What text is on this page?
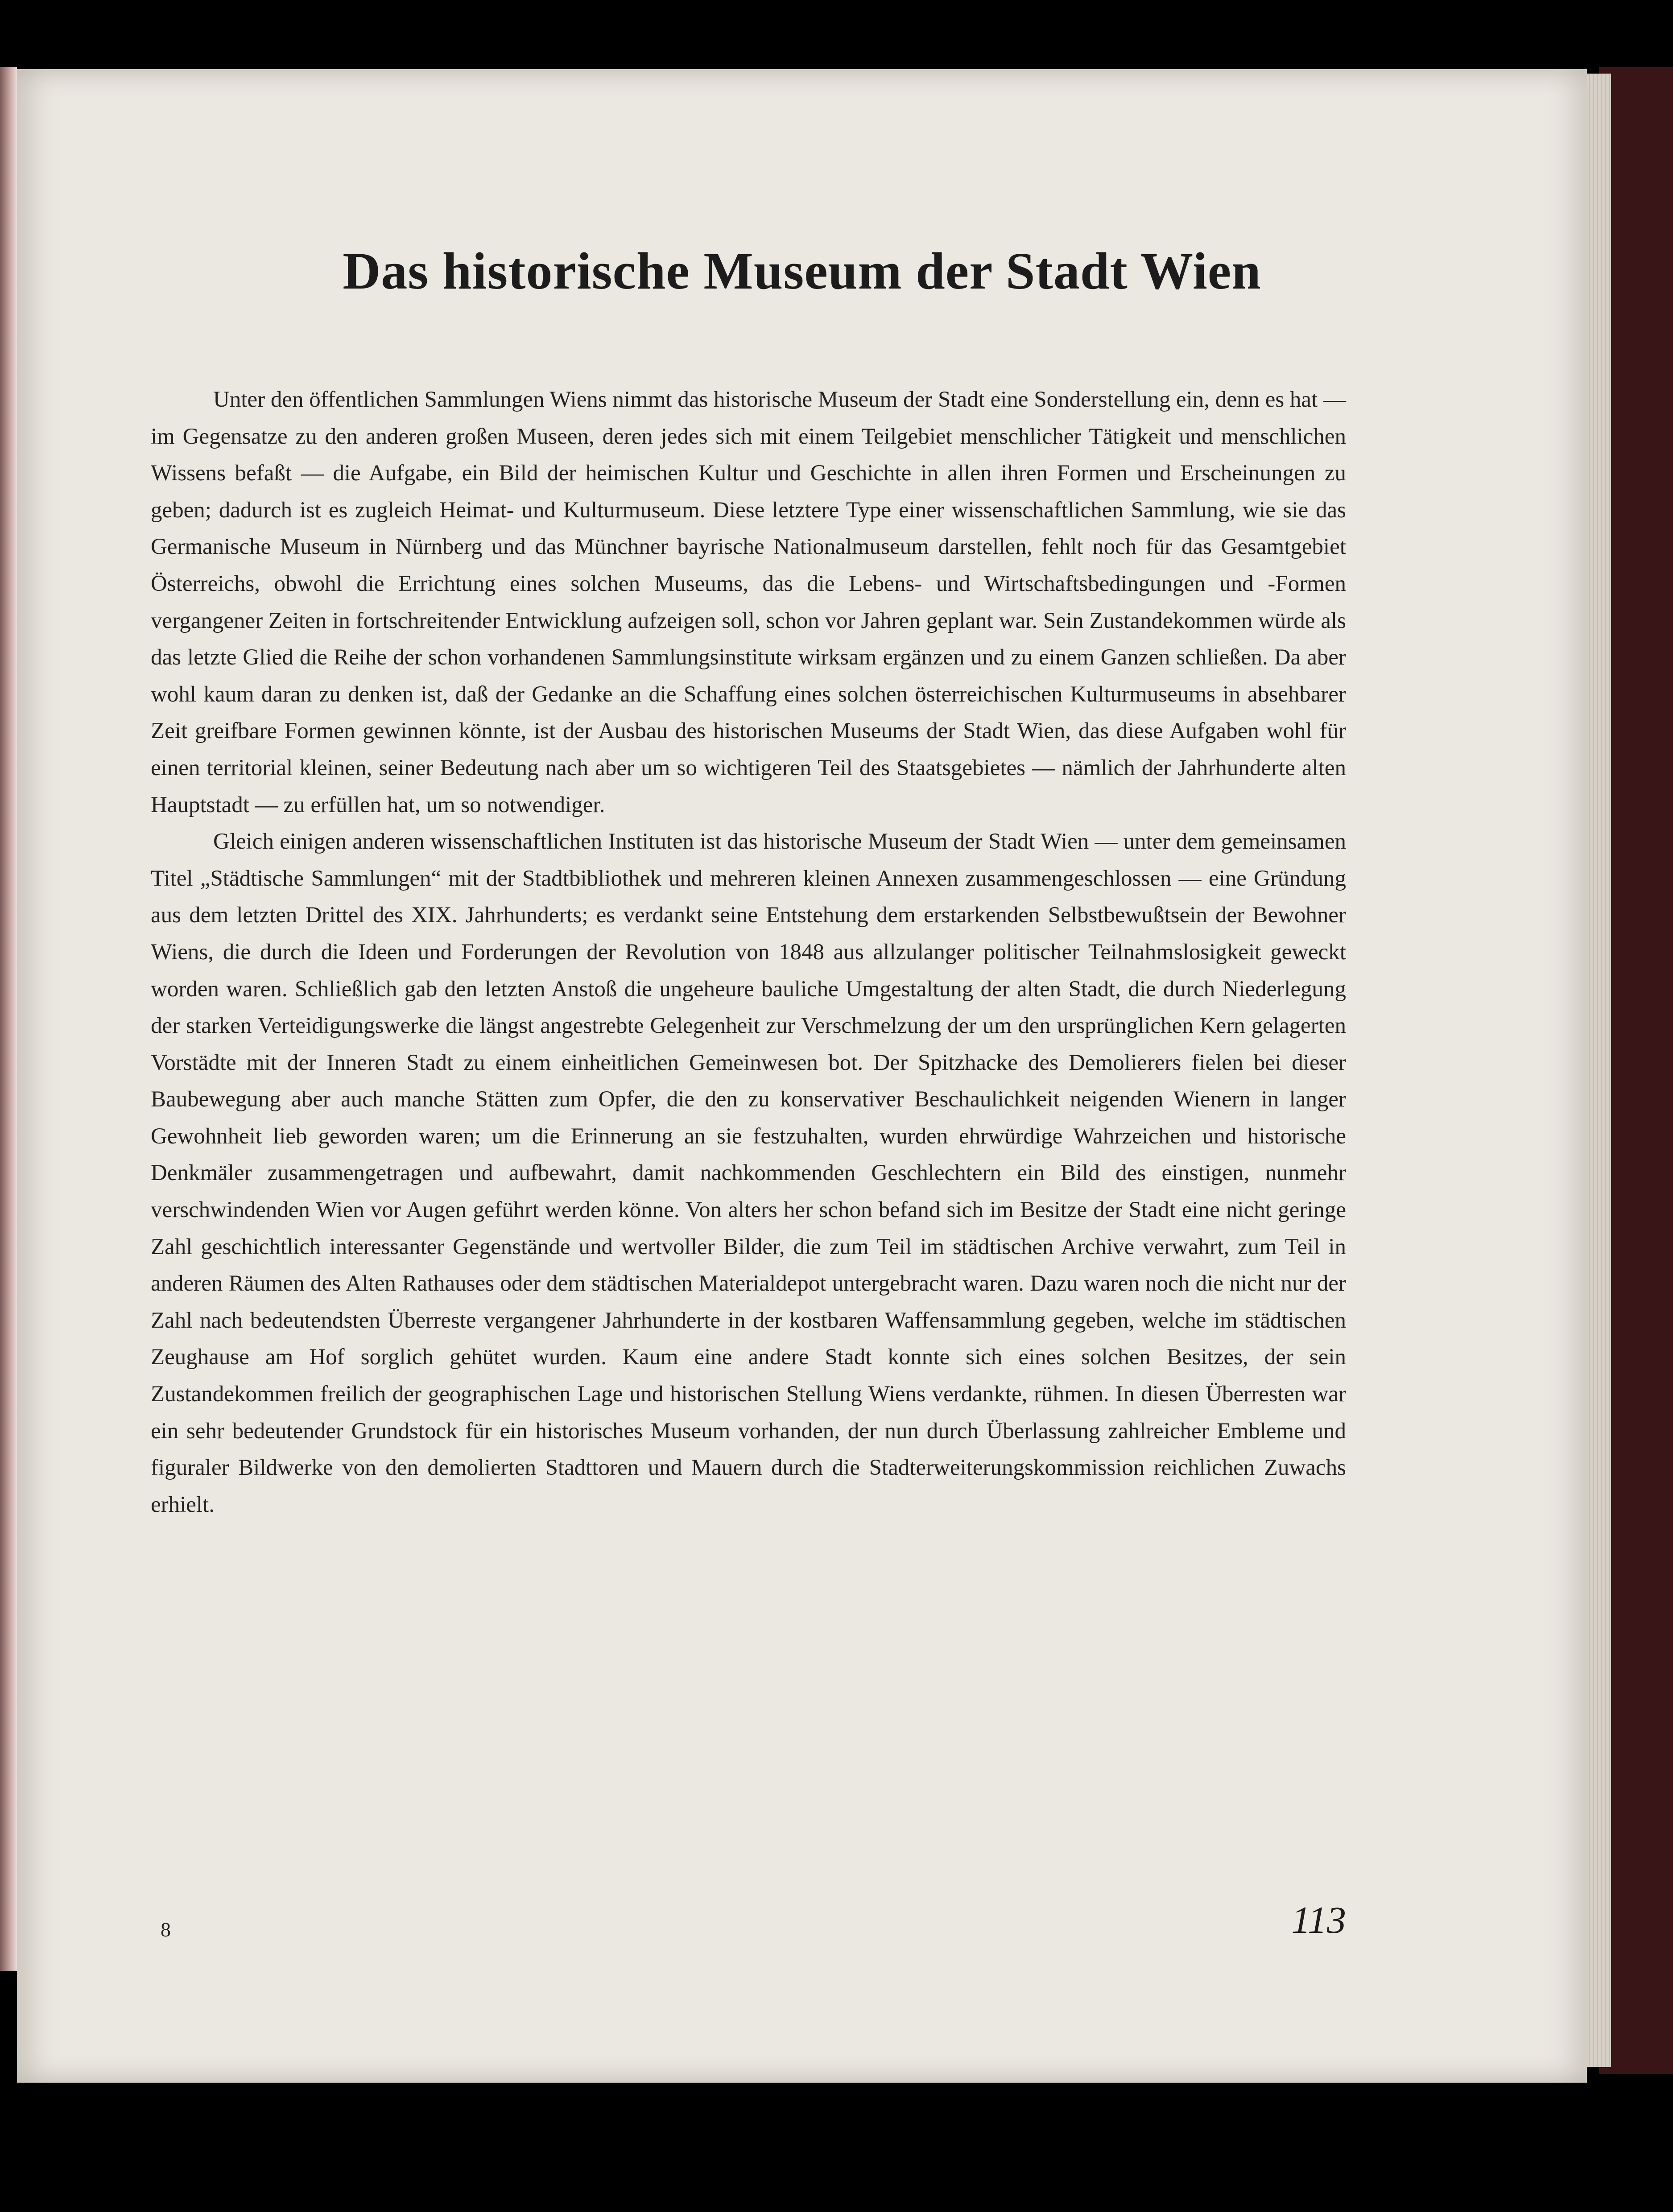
Das historische Museum der Stadt Wien

Unter den öffentlichen Sammlungen Wiens nimmt das historische Museum der Stadt eine Sonderstellung ein, denn es hat — im Gegensatze zu den anderen großen Museen, deren jedes sich mit einem Teilgebiet menschlicher Tätigkeit und menschlichen Wissens befaßt — die Aufgabe, ein Bild der heimischen Kultur und Geschichte in allen ihren Formen und Erscheinungen zu geben; dadurch ist es zugleich Heimat- und Kulturmuseum. Diese letztere Type einer wissenschaftlichen Sammlung, wie sie das Germanische Museum in Nürnberg und das Münchner bayrische Nationalmuseum darstellen, fehlt noch für das Gesamtgebiet Österreichs, obwohl die Errichtung eines solchen Museums, das die Lebens- und Wirtschaftsbedingungen und -Formen vergangener Zeiten in fortschreitender Entwicklung aufzeigen soll, schon vor Jahren geplant war. Sein Zustandekommen würde als das letzte Glied die Reihe der schon vorhandenen Sammlungsinstitute wirksam ergänzen und zu einem Ganzen schließen. Da aber wohl kaum daran zu denken ist, daß der Gedanke an die Schaffung eines solchen österreichischen Kulturmuseums in absehbarer Zeit greifbare Formen gewinnen könnte, ist der Ausbau des historischen Museums der Stadt Wien, das diese Aufgaben wohl für einen territorial kleinen, seiner Bedeutung nach aber um so wichtigeren Teil des Staatsgebietes — nämlich der Jahrhunderte alten Hauptstadt — zu erfüllen hat, um so notwendiger.

Gleich einigen anderen wissenschaftlichen Instituten ist das historische Museum der Stadt Wien — unter dem gemeinsamen Titel „Städtische Sammlungen“ mit der Stadtbibliothek und mehreren kleinen Annexen zusammengeschlossen — eine Gründung aus dem letzten Drittel des XIX. Jahrhunderts; es verdankt seine Entstehung dem erstarkenden Selbstbewußtsein der Bewohner Wiens, die durch die Ideen und Forderungen der Revolution von 1848 aus allzulanger politischer Teilnahmslosigkeit geweckt worden waren. Schließlich gab den letzten Anstoß die ungeheure bauliche Umgestaltung der alten Stadt, die durch Niederlegung der starken Verteidigungswerke die längst angestrebte Gelegenheit zur Verschmelzung der um den ursprünglichen Kern gelagerten Vorstädte mit der Inneren Stadt zu einem einheitlichen Gemeinwesen bot. Der Spitzhacke des Demolierers fielen bei dieser Baubewegung aber auch manche Stätten zum Opfer, die den zu konservativer Beschaulichkeit neigenden Wienern in langer Gewohnheit lieb geworden waren; um die Erinnerung an sie festzuhalten, wurden ehrwürdige Wahrzeichen und historische Denkmäler zusammengetragen und aufbewahrt, damit nachkommenden Geschlechtern ein Bild des einstigen, nunmehr verschwindenden Wien vor Augen geführt werden könne. Von alters her schon befand sich im Besitze der Stadt eine nicht geringe Zahl geschichtlich interessanter Gegenstände und wertvoller Bilder, die zum Teil im städtischen Archive verwahrt, zum Teil in anderen Räumen des Alten Rathauses oder dem städtischen Materialdepot untergebracht waren. Dazu waren noch die nicht nur der Zahl nach bedeutendsten Überreste vergangener Jahrhunderte in der kostbaren Waffensammlung gegeben, welche im städtischen Zeughause am Hof sorglich gehütet wurden. Kaum eine andere Stadt konnte sich eines solchen Besitzes, der sein Zustandekommen freilich der geographischen Lage und historischen Stellung Wiens verdankte, rühmen. In diesen Überresten war ein sehr bedeutender Grundstock für ein historisches Museum vorhanden, der nun durch Überlassung zahlreicher Embleme und figuraler Bildwerke von den demolierten Stadttoren und Mauern durch die Stadterweiterungskommission reichlichen Zuwachs erhielt.

8	113
